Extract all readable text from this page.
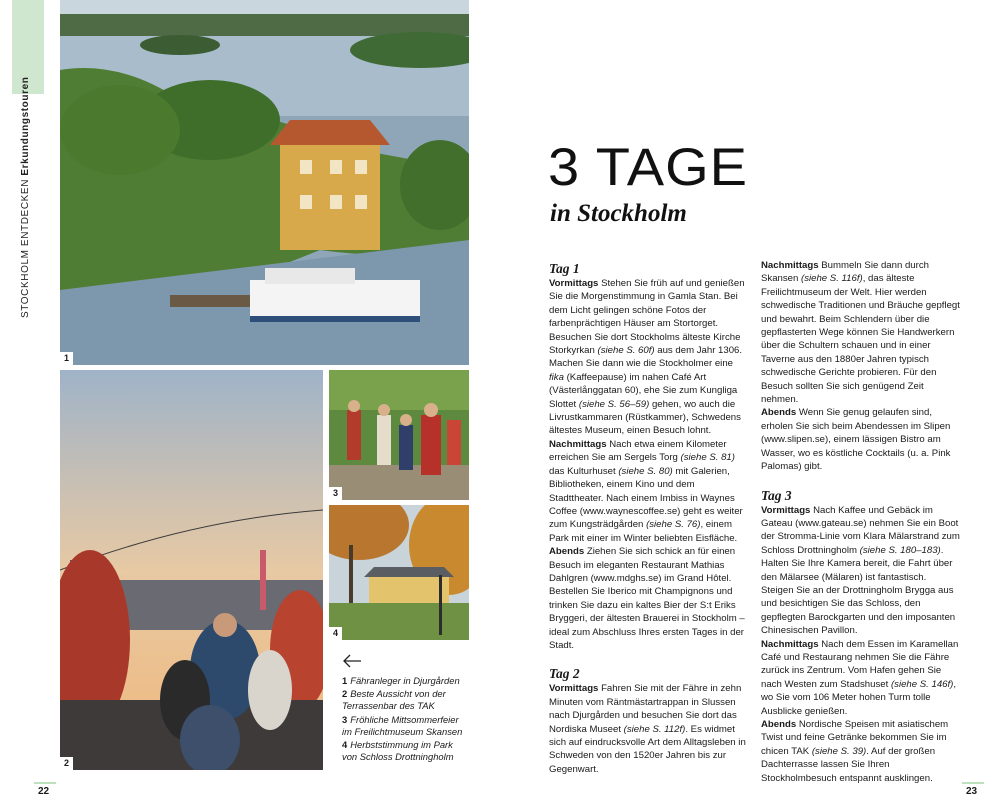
STOCKHOLM ENTDECKEN Erkundungstouren
1
2
3
4
1 Fähranleger in Djurgården
2 Beste Aussicht von der Terrassenbar des TAK
3 Fröhliche Mittsommerfeier im Freilichtmuseum Skansen
4 Herbststimmung im Park von Schloss Drottningholm
22
3 TAGE
in Stockholm
Tag 1
Vormittags Stehen Sie früh auf und genießen Sie die Morgenstimmung in Gamla Stan. Bei dem Licht gelingen schöne Fotos der farbenprächtigen Häuser am Stortorget. Besuchen Sie dort Stockholms älteste Kirche Storkyrkan (siehe S. 60f) aus dem Jahr 1306. Machen Sie dann wie die Stockholmer eine fika (Kaffeepause) im nahen Café Art (Västerlånggatan 60), ehe Sie zum Kungliga Slottet (siehe S. 56–59) gehen, wo auch die Livrustkammaren (Rüstkammer), Schwedens ältestes Museum, einen Besuch lohnt.
Nachmittags Nach etwa einem Kilometer erreichen Sie am Sergels Torg (siehe S. 81) das Kulturhuset (siehe S. 80) mit Galerien, Bibliotheken, einem Kino und dem Stadttheater. Nach einem Imbiss in Waynes Coffee (www.waynescoffee.se) geht es weiter zum Kungsträdgården (siehe S. 76), einem Park mit einer im Winter beliebten Eisfläche.
Abends Ziehen Sie sich schick an für einen Besuch im eleganten Restaurant Mathias Dahlgren (www.mdghs.se) im Grand Hôtel. Bestellen Sie Iberico mit Champignons und trinken Sie dazu ein kaltes Bier der S:t Eriks Bryggeri, der ältesten Brauerei in Stockholm – ideal zum Abschluss Ihres ersten Tages in der Stadt.
Tag 2
Vormittags Fahren Sie mit der Fähre in zehn Minuten vom Räntmästartrappan in Slussen nach Djurgården und besuchen Sie dort das Nordiska Museet (siehe S. 112f). Es widmet sich auf eindrucksvolle Art dem Alltagsleben in Schweden von den 1520er Jahren bis zur Gegenwart.
Nachmittags Bummeln Sie dann durch Skansen (siehe S. 116f), das älteste Freilichtmuseum der Welt. Hier werden schwedische Traditionen und Bräuche gepflegt und bewahrt. Beim Schlendern über die gepflasterten Wege können Sie Handwerkern über die Schultern schauen und in einer Taverne aus den 1880er Jahren typisch schwedische Gerichte probieren. Für den Besuch sollten Sie sich genügend Zeit nehmen.
Abends Wenn Sie genug gelaufen sind, erholen Sie sich beim Abendessen im Slipen (www.slipen.se), einem lässigen Bistro am Wasser, wo es köstliche Cocktails (u. a. Pink Palomas) gibt.
Tag 3
Vormittags Nach Kaffee und Gebäck im Gateau (www.gateau.se) nehmen Sie ein Boot der Stromma-Linie vom Klara Mälarstrand zum Schloss Drottningholm (siehe S. 180–183). Halten Sie Ihre Kamera bereit, die Fahrt über den Mälarsee (Mälaren) ist fantastisch. Steigen Sie an der Drottningholm Brygga aus und besichtigen Sie das Schloss, den gepflegten Barockgarten und den imposanten Chinesischen Pavillon.
Nachmittags Nach dem Essen im Karamellan Café und Restaurang nehmen Sie die Fähre zurück ins Zentrum. Vom Hafen gehen Sie nach Westen zum Stadshuset (siehe S. 146f), wo Sie vom 106 Meter hohen Turm tolle Ausblicke genießen.
Abends Nordische Speisen mit asiatischem Twist und feine Getränke bekommen Sie im chicen TAK (siehe S. 39). Auf der großen Dachterrasse lassen Sie Ihren Stockholmbesuch entspannt ausklingen.
23
